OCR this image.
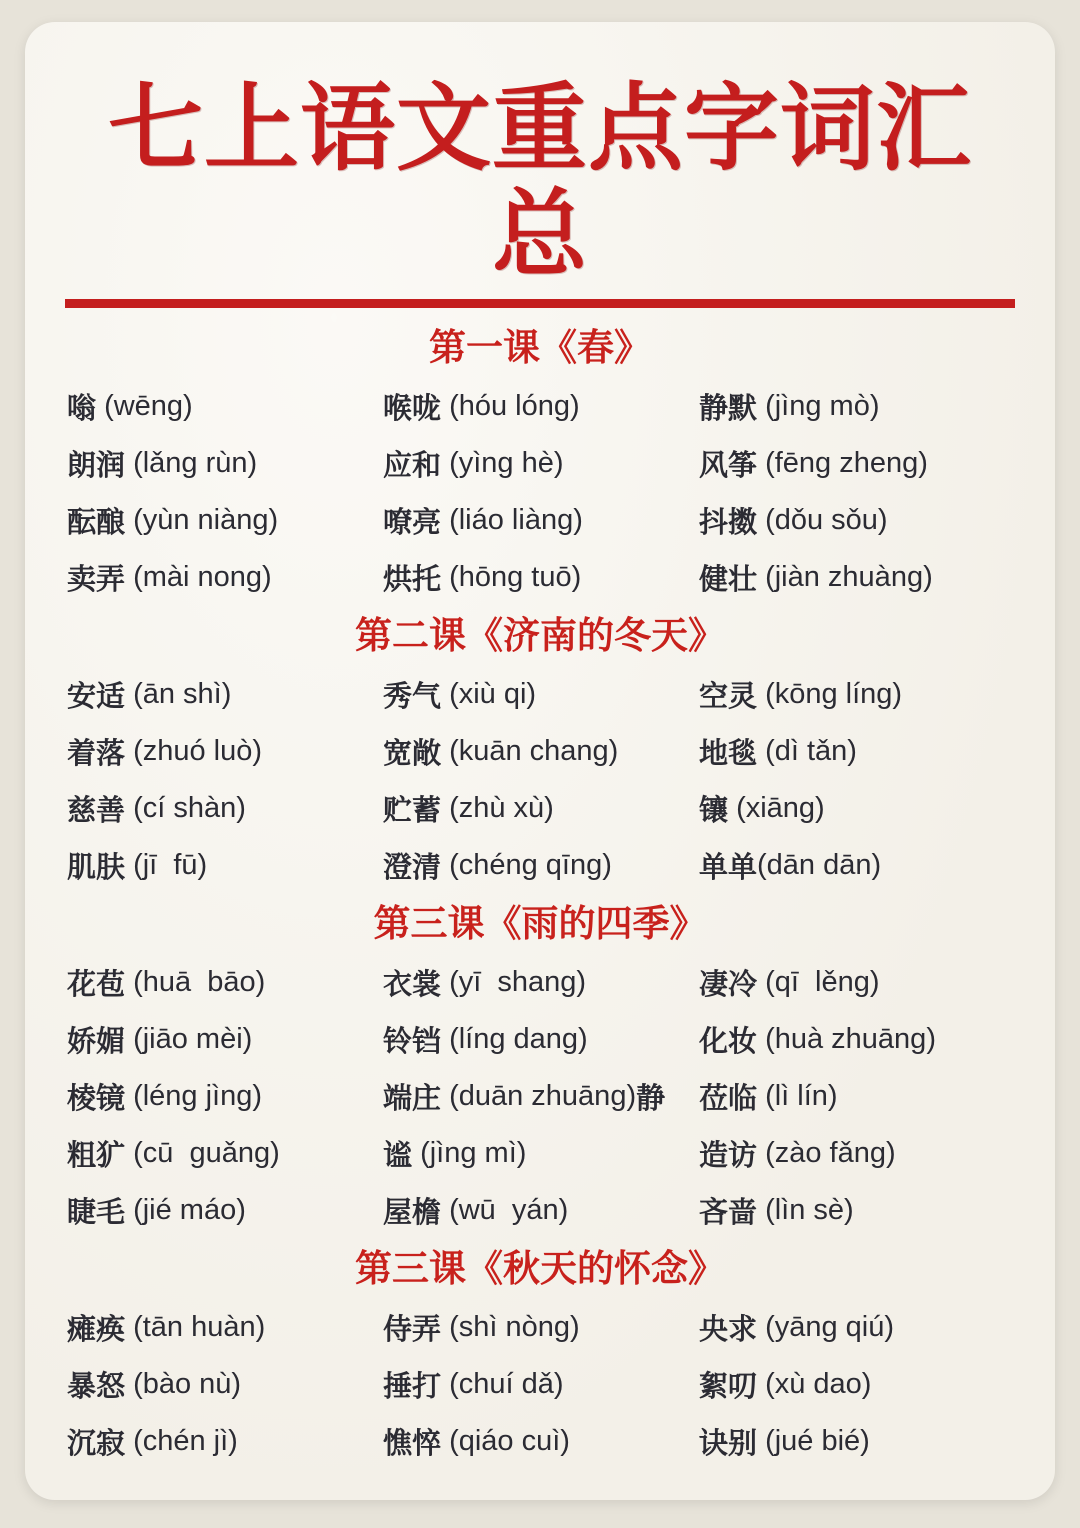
七上语文重点字词汇总
第一课《春》
嗡 (wēng)
朗润 (lǎng rùn)
酝酿 (yùn niàng)
卖弄 (mài nong)
喉咙 (hóu lóng)
应和 (yìng hè)
嘹亮 (liáo liàng)
烘托 (hōng tuō)
静默 (jìng mò)
风筝 (fēng zheng)
抖擞 (dǒu sǒu)
健壮 (jiàn zhuàng)
第二课《济南的冬天》
安适 (ān shì)
着落 (zhuó luò)
慈善 (cí shàn)
肌肤 (jī  fū)
秀气 (xiù qi)
宽敞 (kuān chang)
贮蓄 (zhù xù)
澄清 (chéng qīng)
空灵 (kōng líng)
地毯 (dì tǎn)
镶 (xiāng)
单单 (dān dān)
第三课《雨的四季》
花苞 (huā  bāo)
娇媚 (jiāo mèi)
棱镜 (léng jìng)
粗犷 (cū  guǎng)
睫毛 (jié máo)
衣裳 (yī  shang)
铃铛 (líng dang)
端庄 (duān zhuāng) 静
谧 (jìng mì)
屋檐 (wū  yán)
凄冷 (qī  lěng)
化妆 (huà zhuāng)
莅临 (lì lín)
造访 (zào fǎng)
吝啬 (lìn sè)
第三课《秋天的怀念》
瘫痪 (tān huàn)
暴怒 (bào nù)
沉寂 (chén jì)
侍弄 (shì nòng)
捶打 (chuí dǎ)
憔悴 (qiáo cuì)
央求 (yāng qiú)
絮叨 (xù dao)
诀别 (jué bié)
